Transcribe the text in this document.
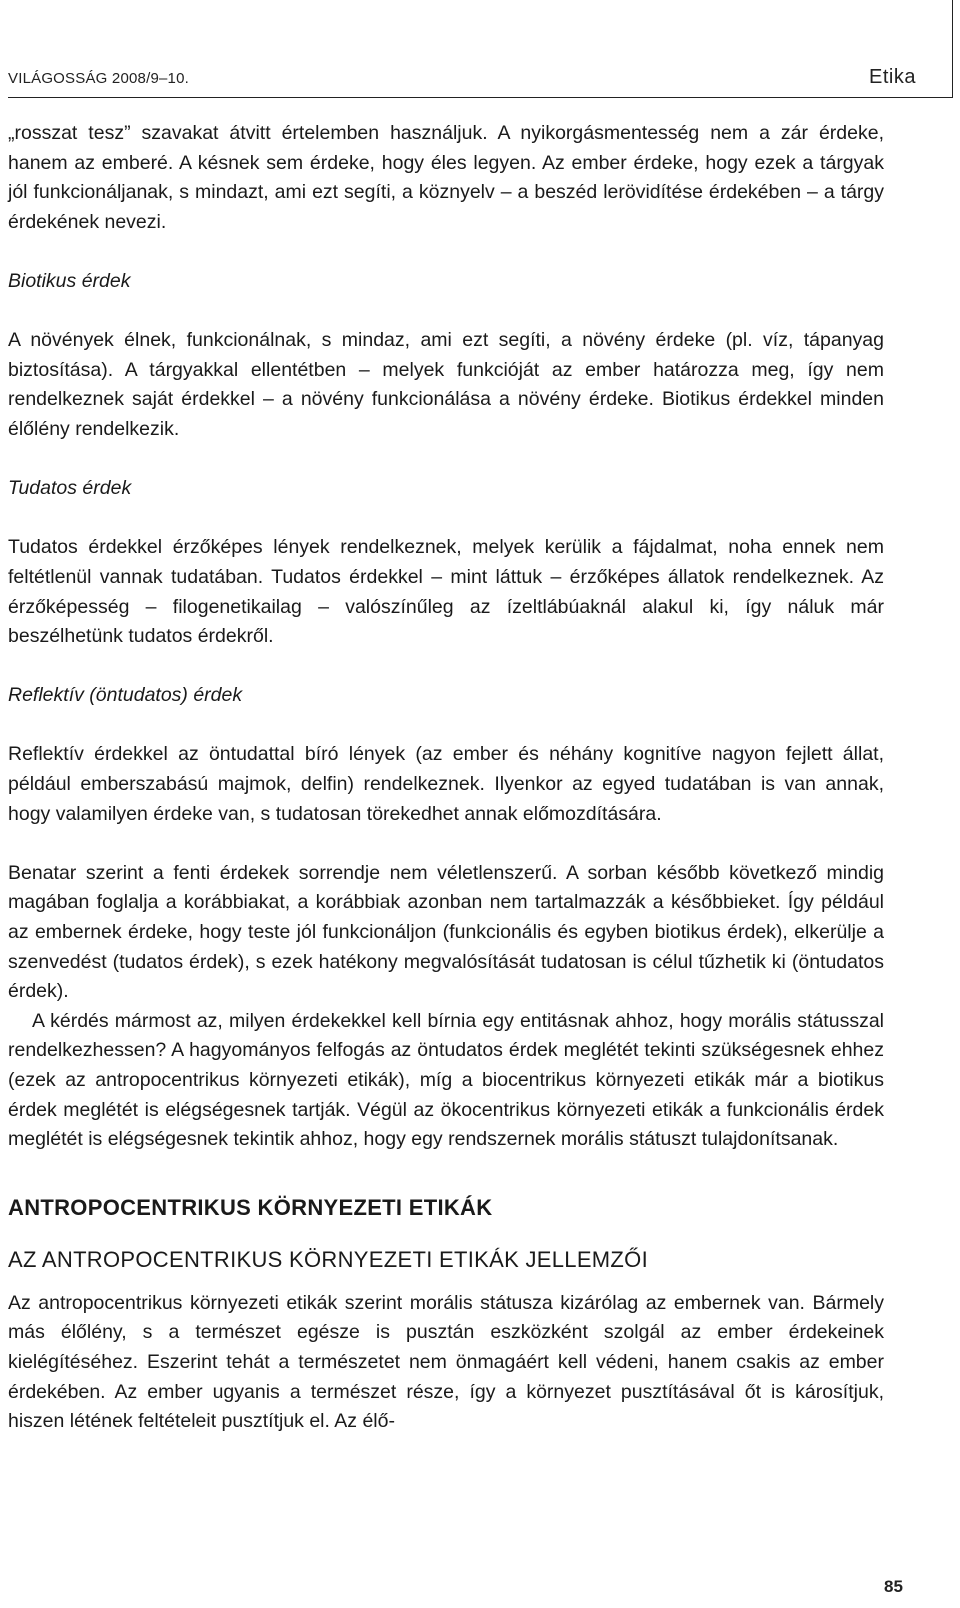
VILÁGOSSÁG 2008/9–10.	Etika

„rosszat tesz” szavakat átvitt értelemben használjuk. A nyikorgásmentesség nem a zár érdeke, hanem az emberé. A késnek sem érdeke, hogy éles legyen. Az ember érdeke, hogy ezek a tárgyak jól funkcionáljanak, s mindazt, ami ezt segíti, a köznyelv – a beszéd lerövidítése érdekében – a tárgy érdekének nevezi.

Biotikus érdek

A növények élnek, funkcionálnak, s mindaz, ami ezt segíti, a növény érdeke (pl. víz, tápanyag biztosítása). A tárgyakkal ellentétben – melyek funkcióját az ember határozza meg, így nem rendelkeznek saját érdekkel – a növény funkcionálása a növény érdeke. Biotikus érdekkel minden élőlény rendelkezik.

Tudatos érdek

Tudatos érdekkel érzőképes lények rendelkeznek, melyek kerülik a fájdalmat, noha ennek nem feltétlenül vannak tudatában. Tudatos érdekkel – mint láttuk – érzőképes állatok rendelkeznek. Az érzőképesség – filogenetikailag – valószínűleg az ízeltlábúaknál alakul ki, így náluk már beszélhetünk tudatos érdekről.

Reflektív (öntudatos) érdek

Reflektív érdekkel az öntudattal bíró lények (az ember és néhány kognitíve nagyon fejlett állat, például emberszabású majmok, delfin) rendelkeznek. Ilyenkor az egyed tudatában is van annak, hogy valamilyen érdeke van, s tudatosan törekedhet annak előmozdítására.

Benatar szerint a fenti érdekek sorrendje nem véletlenszerű. A sorban később következő mindig magában foglalja a korábbiakat, a korábbiak azonban nem tartalmazzák a későbbieket. Így például az embernek érdeke, hogy teste jól funkcionáljon (funkcionális és egyben biotikus érdek), elkerülje a szenvedést (tudatos érdek), s ezek hatékony megvalósítását tudatosan is célul tűzhetik ki (öntudatos érdek).

A kérdés mármost az, milyen érdekekkel kell bírnia egy entitásnak ahhoz, hogy morális státusszal rendelkezhessen? A hagyományos felfogás az öntudatos érdek meglétét tekinti szükségesnek ehhez (ezek az antropocentrikus környezeti etikák), míg a biocentrikus környezeti etikák már a biotikus érdek meglétét is elégségesnek tartják. Végül az ökocentrikus környezeti etikák a funkcionális érdek meglétét is elégségesnek tekintik ahhoz, hogy egy rendszernek morális státuszt tulajdonítsanak.

ANTROPOCENTRIKUS KÖRNYEZETI ETIKÁK
AZ ANTROPOCENTRIKUS KÖRNYEZETI ETIKÁK JELLEMZŐI

Az antropocentrikus környezeti etikák szerint morális státusza kizárólag az embernek van. Bármely más élőlény, s a természet egésze is pusztán eszközként szolgál az ember érdekeinek kielégítéséhez. Eszerint tehát a természetet nem önmagáért kell védeni, hanem csakis az ember érdekében. Az ember ugyanis a természet része, így a környezet pusztításával őt is károsítjuk, hiszen létének feltételeit pusztítjuk el. Az élő-

85
